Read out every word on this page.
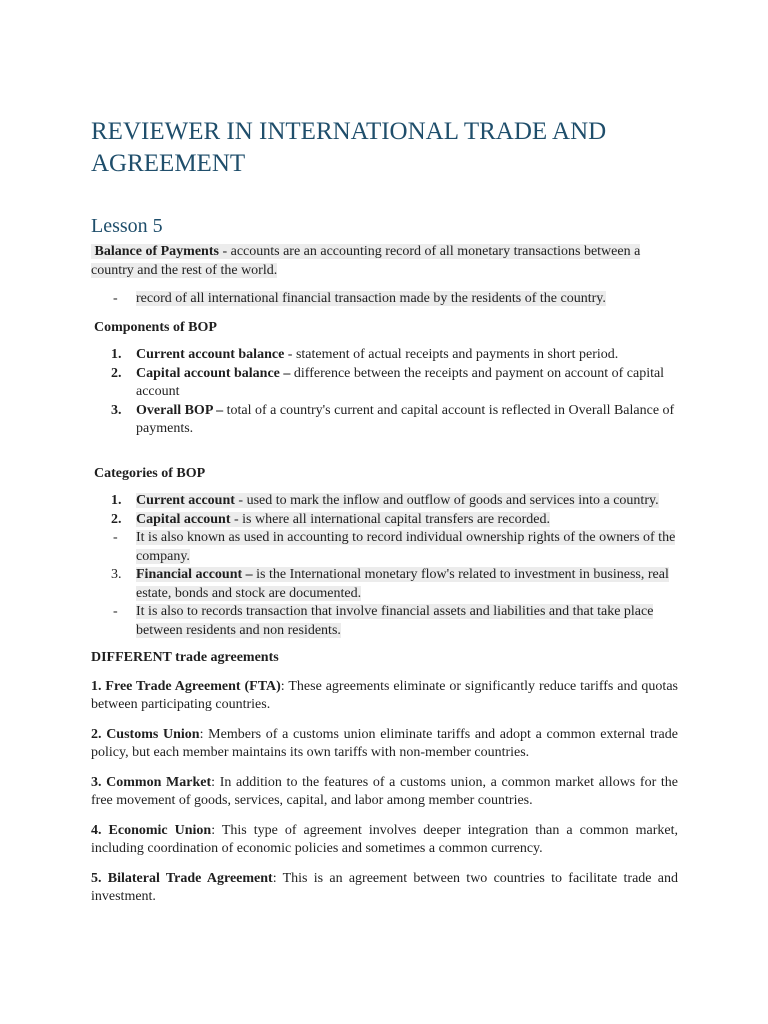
REVIEWER IN INTERNATIONAL TRADE AND AGREEMENT
Lesson 5

Balance of Payments - accounts are an accounting record of all monetary transactions between a country and the rest of the world.

- record of all international financial transaction made by the residents of the country.

Components of BOP

1. Current account balance - statement of actual receipts and payments in short period.
2. Capital account balance – difference between the receipts and payment on account of capital account
3. Overall BOP – total of a country's current and capital account is reflected in Overall Balance of payments.

Categories of BOP

1. Current account - used to mark the inflow and outflow of goods and services into a country.
2. Capital account - is where all international capital transfers are recorded.
- It is also known as used in accounting to record individual ownership rights of the owners of the company.
3. Financial account – is the International monetary flow's related to investment in business, real estate, bonds and stock are documented.
- It is also to records transaction that involve financial assets and liabilities and that take place between residents and non residents.

DIFFERENT trade agreements

1. Free Trade Agreement (FTA): These agreements eliminate or significantly reduce tariffs and quotas between participating countries.

2. Customs Union: Members of a customs union eliminate tariffs and adopt a common external trade policy, but each member maintains its own tariffs with non-member countries.

3. Common Market: In addition to the features of a customs union, a common market allows for the free movement of goods, services, capital, and labor among member countries.

4. Economic Union: This type of agreement involves deeper integration than a common market, including coordination of economic policies and sometimes a common currency.

5. Bilateral Trade Agreement: This is an agreement between two countries to facilitate trade and investment.
